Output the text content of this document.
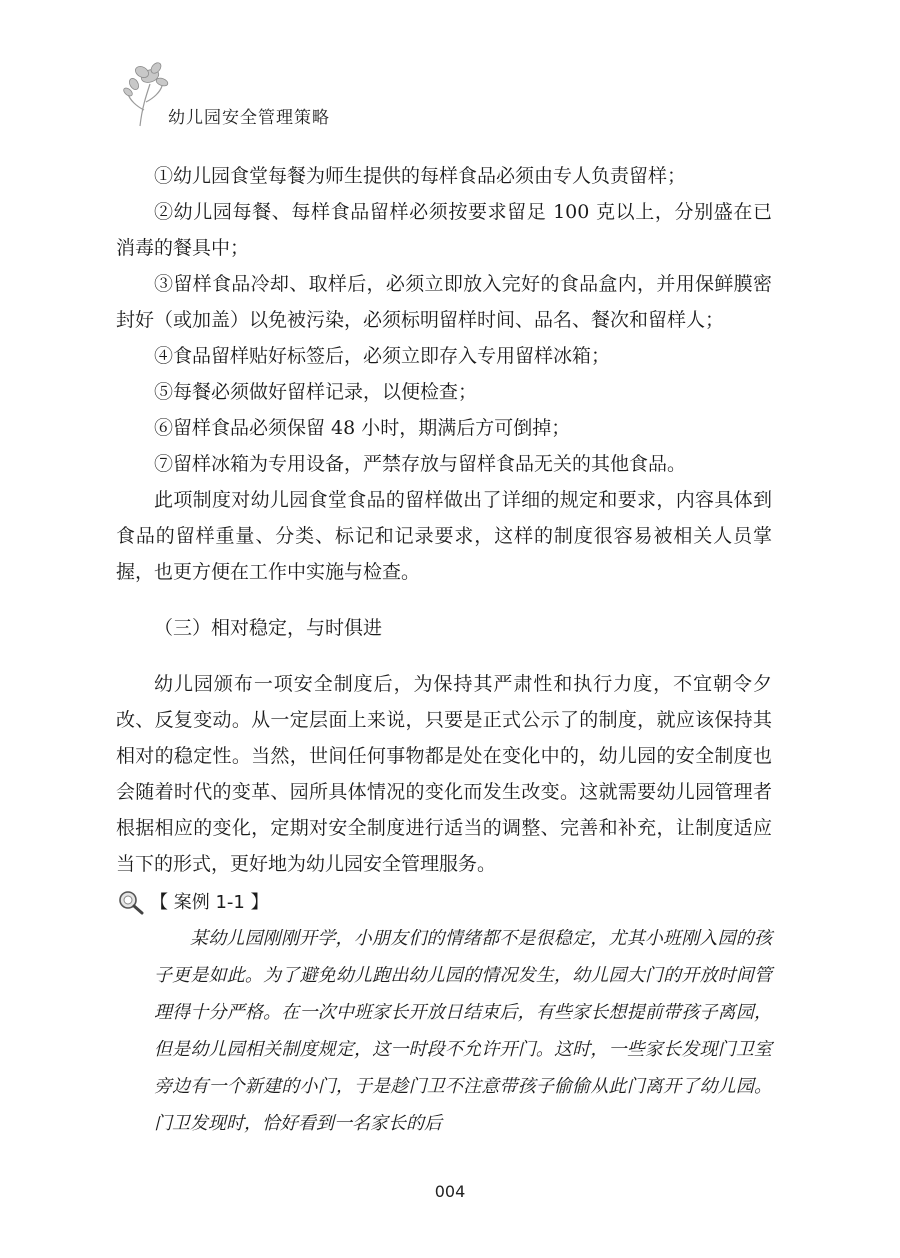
幼儿园安全管理策略

①幼儿园食堂每餐为师生提供的每样食品必须由专人负责留样；

②幼儿园每餐、每样食品留样必须按要求留足 100 克以上，分别盛在已消毒的餐具中；

③留样食品冷却、取样后，必须立即放入完好的食品盒内，并用保鲜膜密封好（或加盖）以免被污染，必须标明留样时间、品名、餐次和留样人；

④食品留样贴好标签后，必须立即存入专用留样冰箱；

⑤每餐必须做好留样记录，以便检查；

⑥留样食品必须保留 48 小时，期满后方可倒掉；

⑦留样冰箱为专用设备，严禁存放与留样食品无关的其他食品。

此项制度对幼儿园食堂食品的留样做出了详细的规定和要求，内容具体到食品的留样重量、分类、标记和记录要求，这样的制度很容易被相关人员掌握，也更方便在工作中实施与检查。

（三）相对稳定，与时俱进

幼儿园颁布一项安全制度后，为保持其严肃性和执行力度，不宜朝令夕改、反复变动。从一定层面上来说，只要是正式公示了的制度，就应该保持其相对的稳定性。当然，世间任何事物都是处在变化中的，幼儿园的安全制度也会随着时代的变革、园所具体情况的变化而发生改变。这就需要幼儿园管理者根据相应的变化，定期对安全制度进行适当的调整、完善和补充，让制度适应当下的形式，更好地为幼儿园安全管理服务。

【 案例 1-1 】

某幼儿园刚刚开学，小朋友们的情绪都不是很稳定，尤其小班刚入园的孩子更是如此。为了避免幼儿跑出幼儿园的情况发生，幼儿园大门的开放时间管理得十分严格。在一次中班家长开放日结束后，有些家长想提前带孩子离园，但是幼儿园相关制度规定，这一时段不允许开门。这时，一些家长发现门卫室旁边有一个新建的小门，于是趁门卫不注意带孩子偷偷从此门离开了幼儿园。门卫发现时，恰好看到一名家长的后

004
